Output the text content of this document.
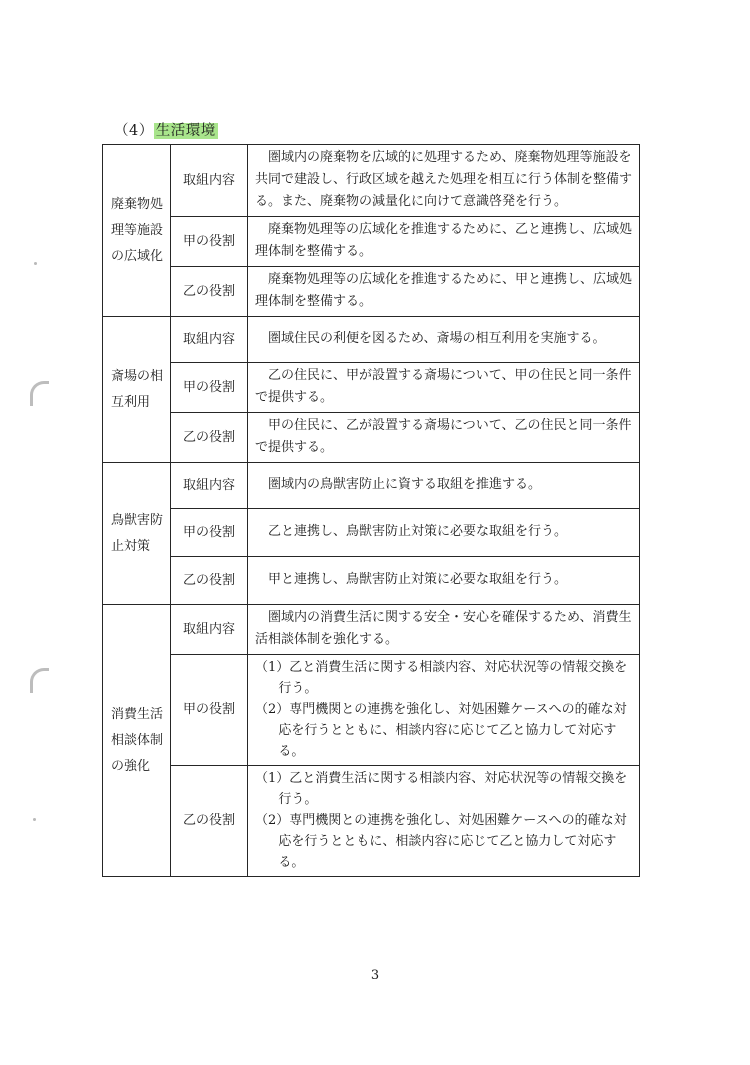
（4） 生活環境
廃棄物処理等施設の広域化	取組内容	圏域内の廃棄物を広域的に処理するため、廃棄物処理等施設を共同で建設し、行政区域を越えた処理を相互に行う体制を整備する。また、廃棄物の減量化に向けて意識啓発を行う。

	甲の役割	廃棄物処理等の広域化を推進するために、乙と連携し、広域処理体制を整備する。

	乙の役割	廃棄物処理等の広域化を推進するために、甲と連携し、広域処理体制を整備する。

斎場の相互利用	取組内容	圏域住民の利便を図るため、斎場の相互利用を実施する。

	甲の役割	乙の住民に、甲が設置する斎場について、甲の住民と同一条件で提供する。

	乙の役割	甲の住民に、乙が設置する斎場について、乙の住民と同一条件で提供する。

鳥獣害防止対策	取組内容	圏域内の鳥獣害防止に資する取組を推進する。

	甲の役割	乙と連携し、鳥獣害防止対策に必要な取組を行う。

	乙の役割	甲と連携し、鳥獣害防止対策に必要な取組を行う。

消費生活相談体制の強化	取組内容	圏域内の消費生活に関する安全・安心を確保するため、消費生活相談体制を強化する。

	甲の役割	（1）乙と消費生活に関する相談内容、対応状況等の情報交換を行う。
（2）専門機関との連携を強化し、対処困難ケースへの的確な対応を行うとともに、相談内容に応じて乙と協力して対応する。

	乙の役割	（1）乙と消費生活に関する相談内容、対応状況等の情報交換を行う。
（2）専門機関との連携を強化し、対処困難ケースへの的確な対応を行うとともに、相談内容に応じて乙と協力して対応する。
3
